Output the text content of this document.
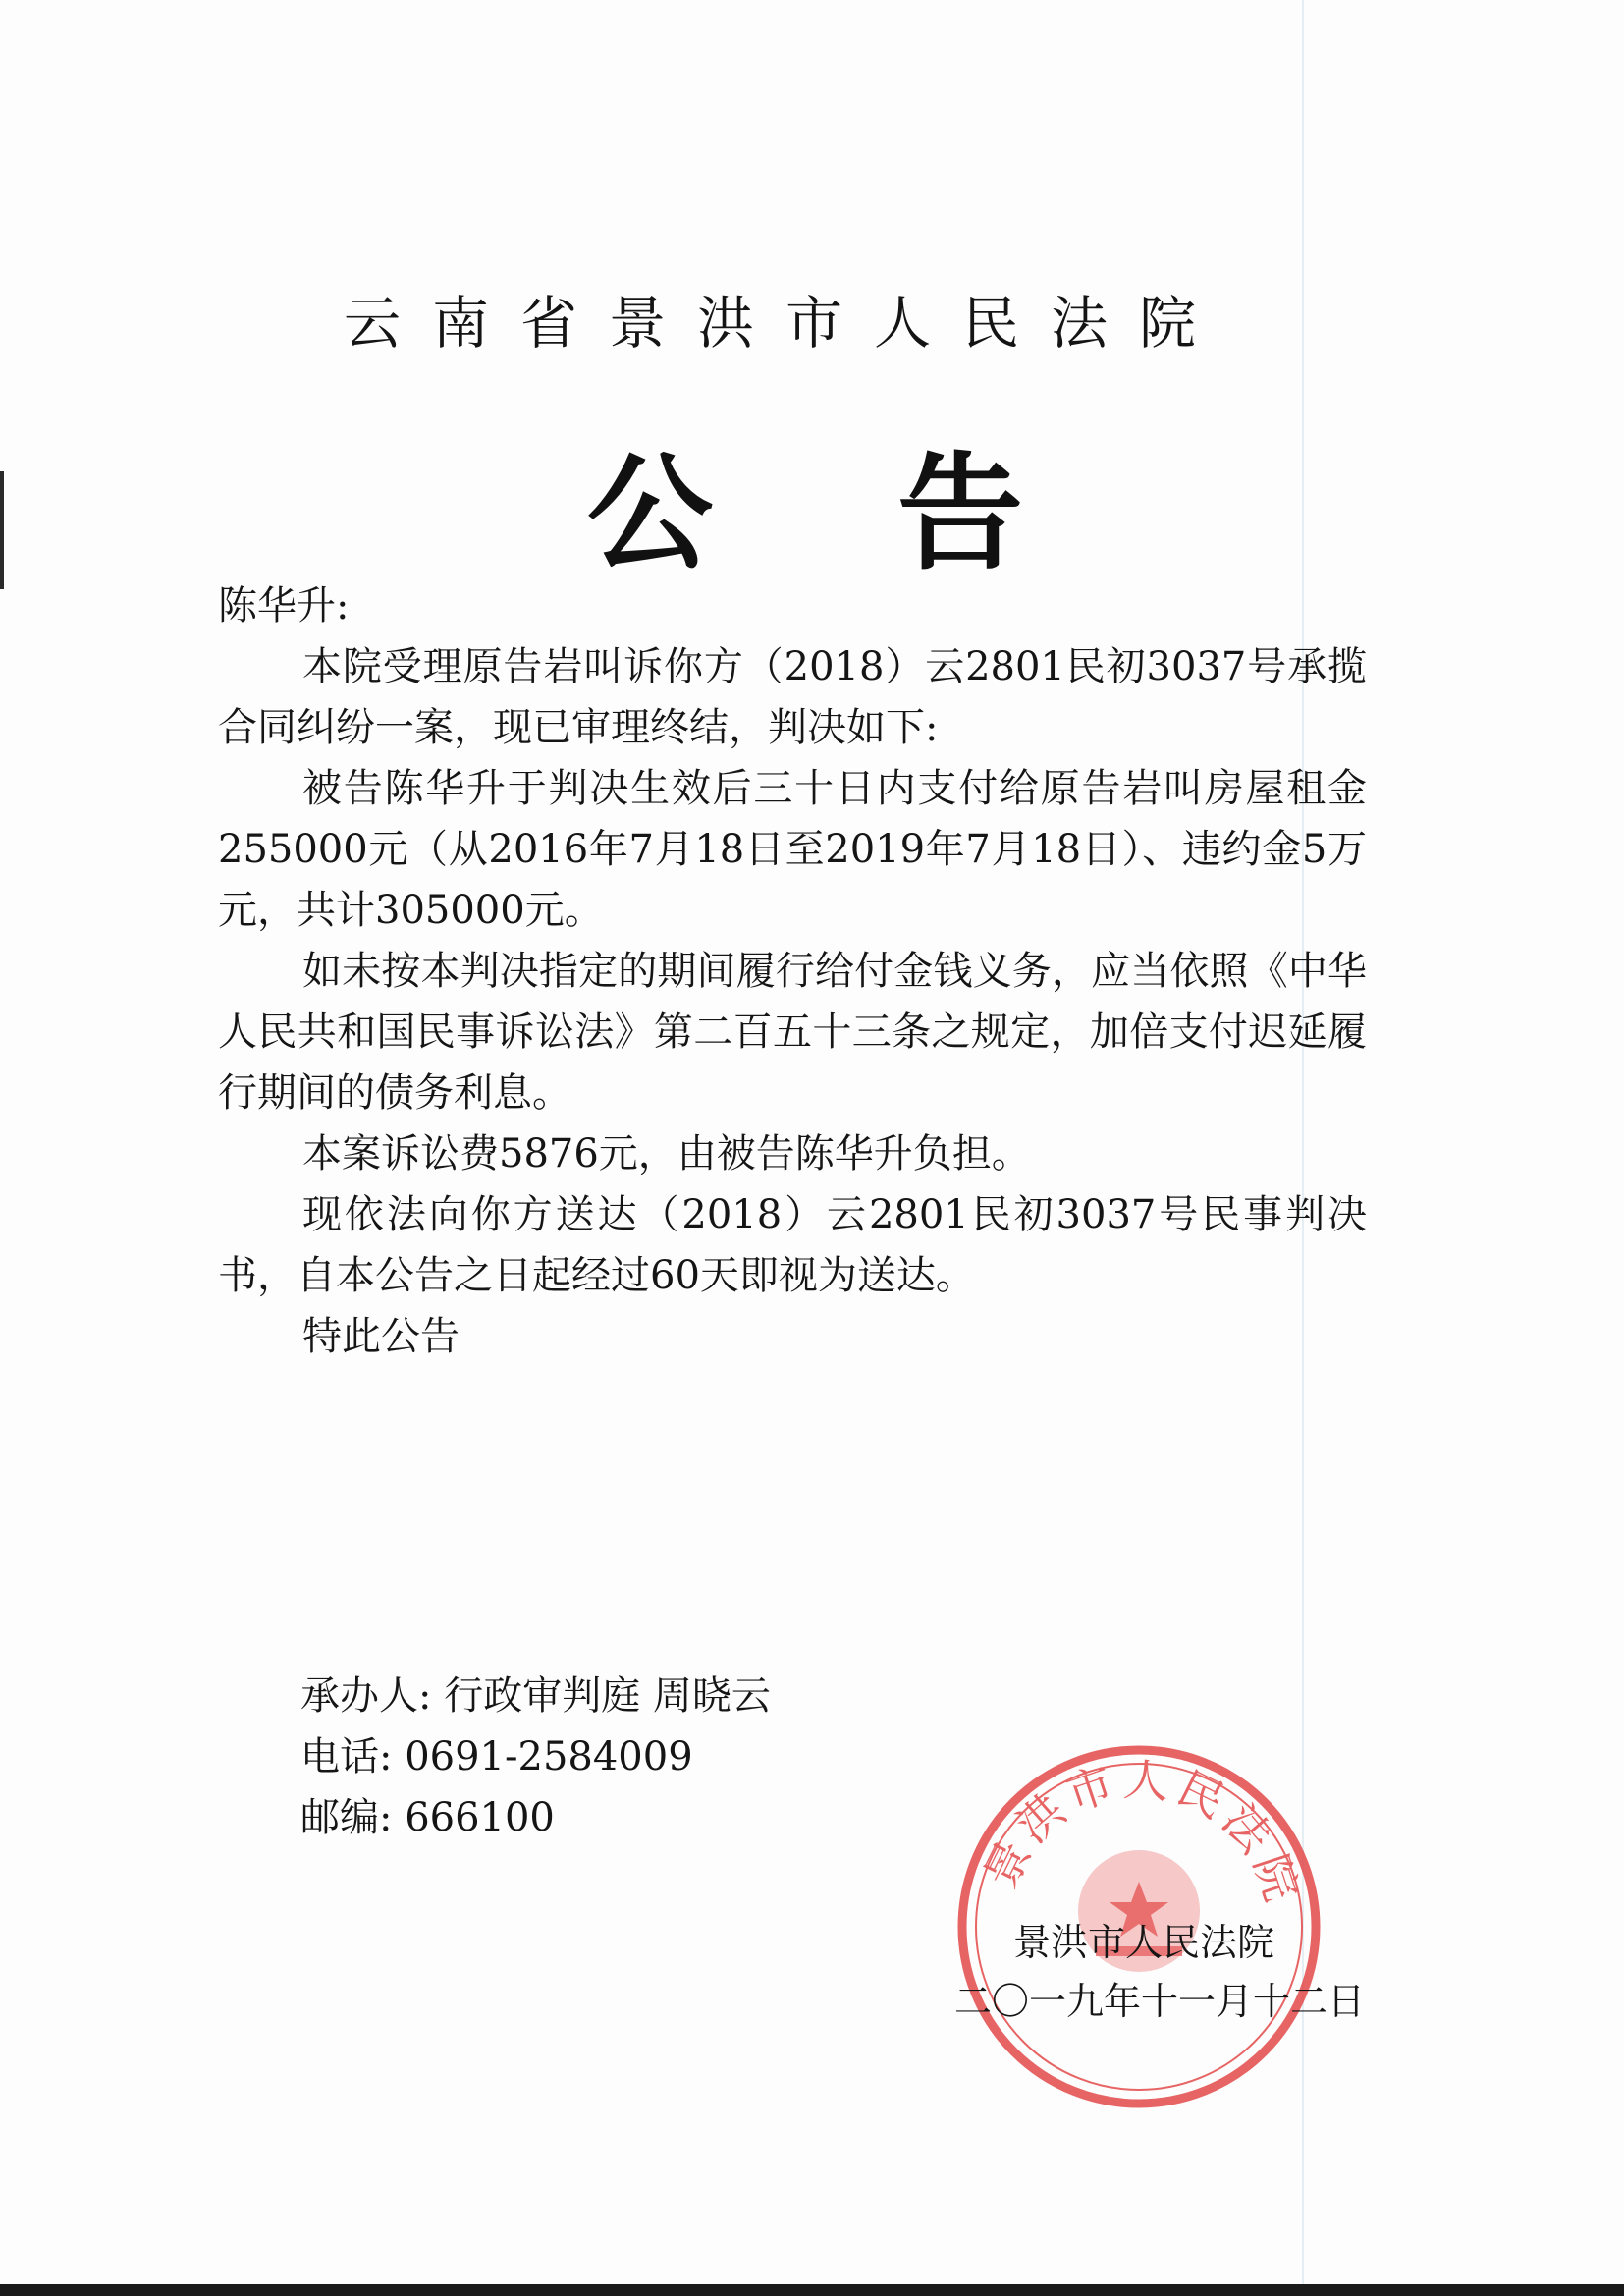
云南省景洪市人民法院
公告

陈华升:

本院受理原告岩叫诉你方（2018）云2801民初3037号承揽合同纠纷一案，现已审理终结，判决如下:

被告陈华升于判决生效后三十日内支付给原告岩叫房屋租金255000元（从2016年7月18日至2019年7月18日）、违约金5万元，共计305000元。

如未按本判决指定的期间履行给付金钱义务，应当依照《中华人民共和国民事诉讼法》第二百五十三条之规定，加倍支付迟延履行期间的债务利息。

本案诉讼费5876元，由被告陈华升负担。

现依法向你方送达（2018）云2801民初3037号民事判决书，自本公告之日起经过60天即视为送达。

特此公告

承办人: 行政审判庭 周晓云

电话: 0691-2584009

邮编: 666100

景洪市人民法院

景洪市人民法院

二〇一九年十一月十二日
